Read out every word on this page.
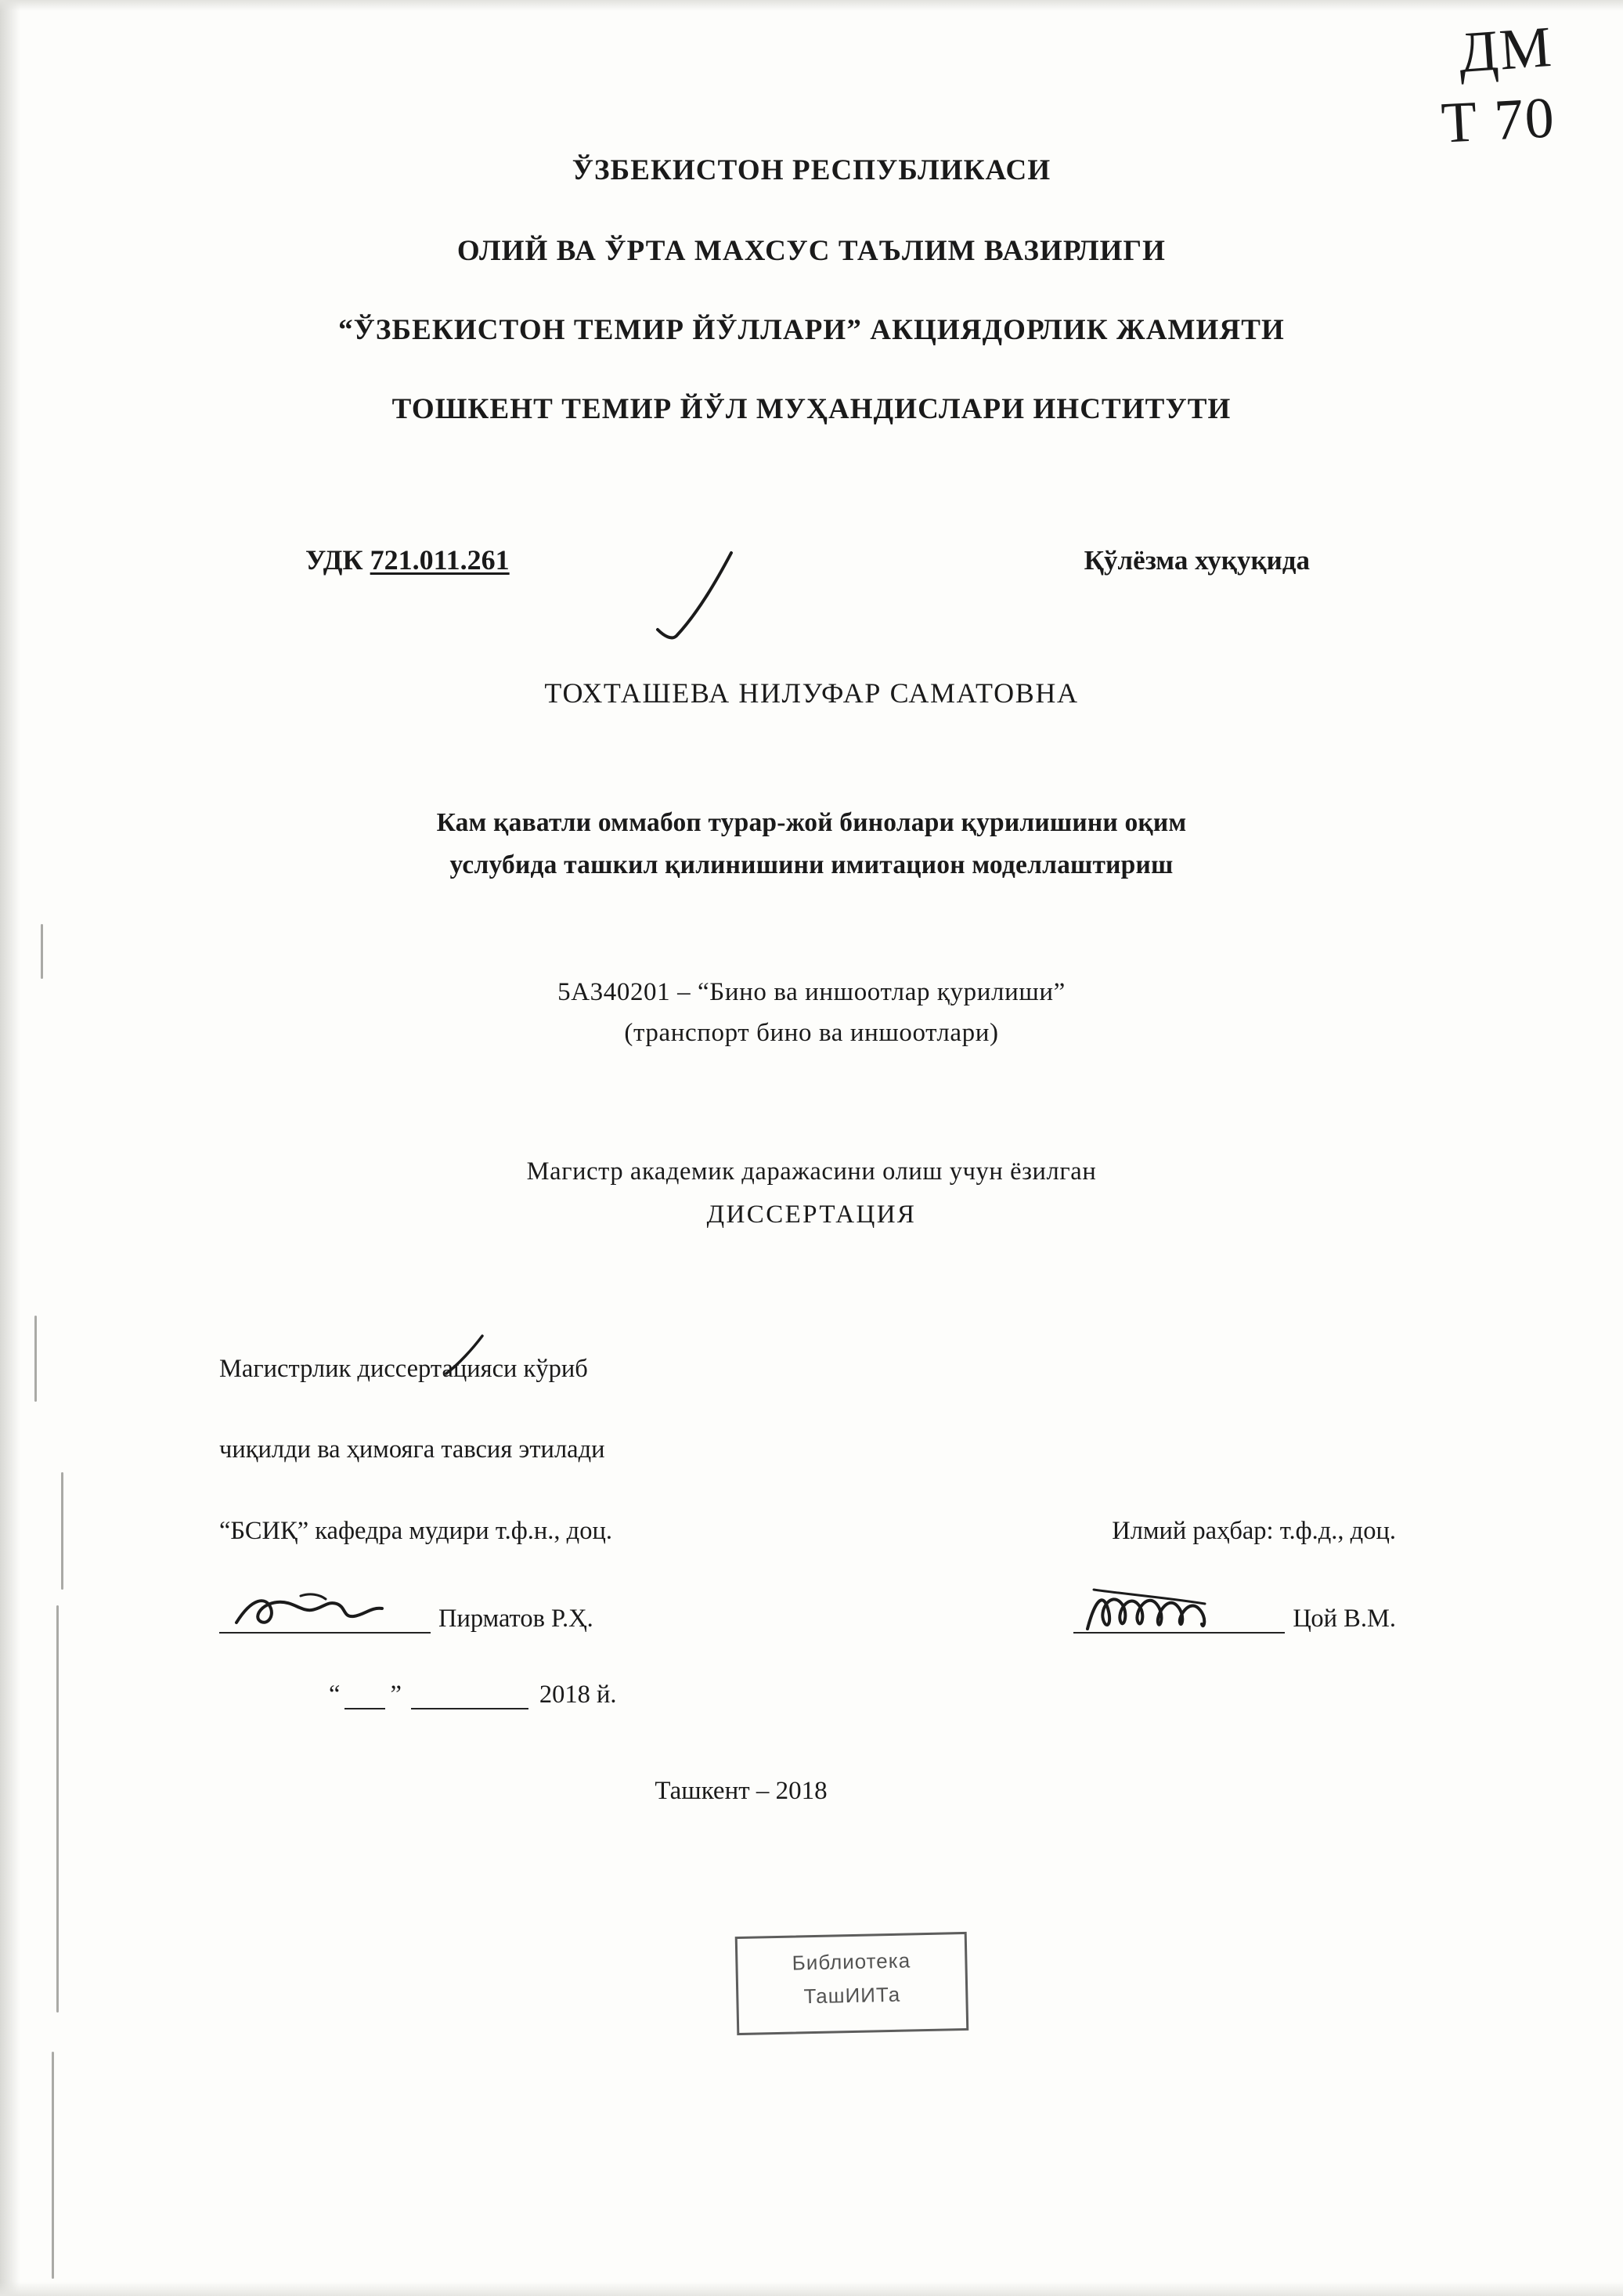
ЎЗБЕКИСТОН РЕСПУБЛИКАСИ
ОЛИЙ ВА ЎРТА МАХСУС ТАЪЛИМ ВАЗИРЛИГИ
“ЎЗБЕКИСТОН ТЕМИР ЙЎЛЛАРИ” АКЦИЯДОРЛИК ЖАМИЯТИ
ТОШКЕНТ ТЕМИР ЙЎЛ МУҲАНДИСЛАРИ ИНСТИТУТИ
УДК 721.011.261	Қўлёзма хуқуқида
ТОХТАШЕВА НИЛУФАР САМАТОВНА
Кам қаватли оммабоп турар-жой бинолари қурилишини оқим
услубида ташкил қилинишини имитацион моделлаштириш
5А340201 – “Бино ва иншоотлар қурилиши”
(транспорт бино ва иншоотлари)
Магистр академик даражасини олиш учун ёзилган
ДИССЕРТАЦИЯ
Магистрлик диссертацияси кўриб
чиқилди ва ҳимояга тавсия этилади
“БСИҚ” кафедра мудири т.ф.н., доц.	Илмий раҳбар: т.ф.д., доц.
Пирматов Р.Ҳ.	Цой В.М.
“ ”	2018 й.
Ташкент – 2018
Библиотека
ТашИИТа
ДМ
Т 70
